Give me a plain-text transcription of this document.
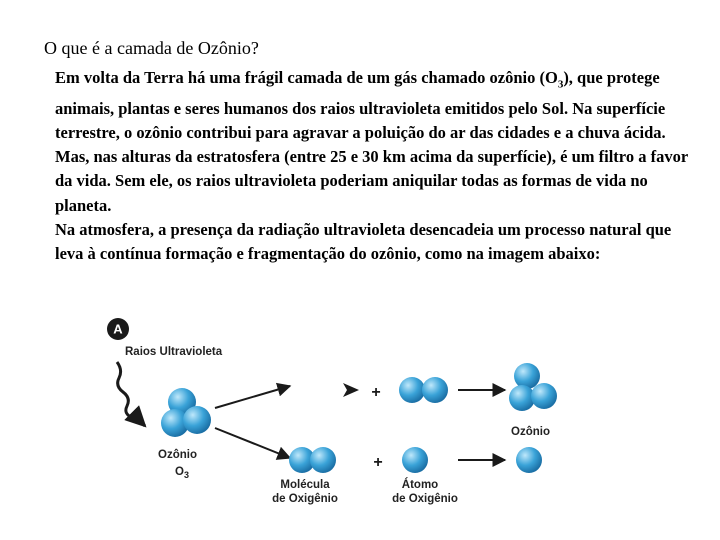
O que é a camada de Ozônio?

Em volta da Terra há uma frágil camada de um gás chamado ozônio $(O_3)$, que protege animais, plantas e seres humanos dos raios ultravioleta emitidos pelo Sol. Na superfície terrestre, o ozônio contribui para agravar a poluição do ar das cidades e a chuva ácida. Mas, nas alturas da estratosfera (entre 25 e 30 km acima da superfície), é um filtro a favor da vida. Sem ele, os raios ultravioleta poderiam aniquilar todas as formas de vida no planeta.

Na atmosfera, a presença da radiação ultravioleta desencadeia um processo natural que leva à contínua formação e fragmentação do ozônio, como na imagem abaixo:

A
Raios Ultravioleta
Ozônio
$O_3$
+
Ozônio
+
Molécula
de Oxigênio
Átomo
de Oxigênio
